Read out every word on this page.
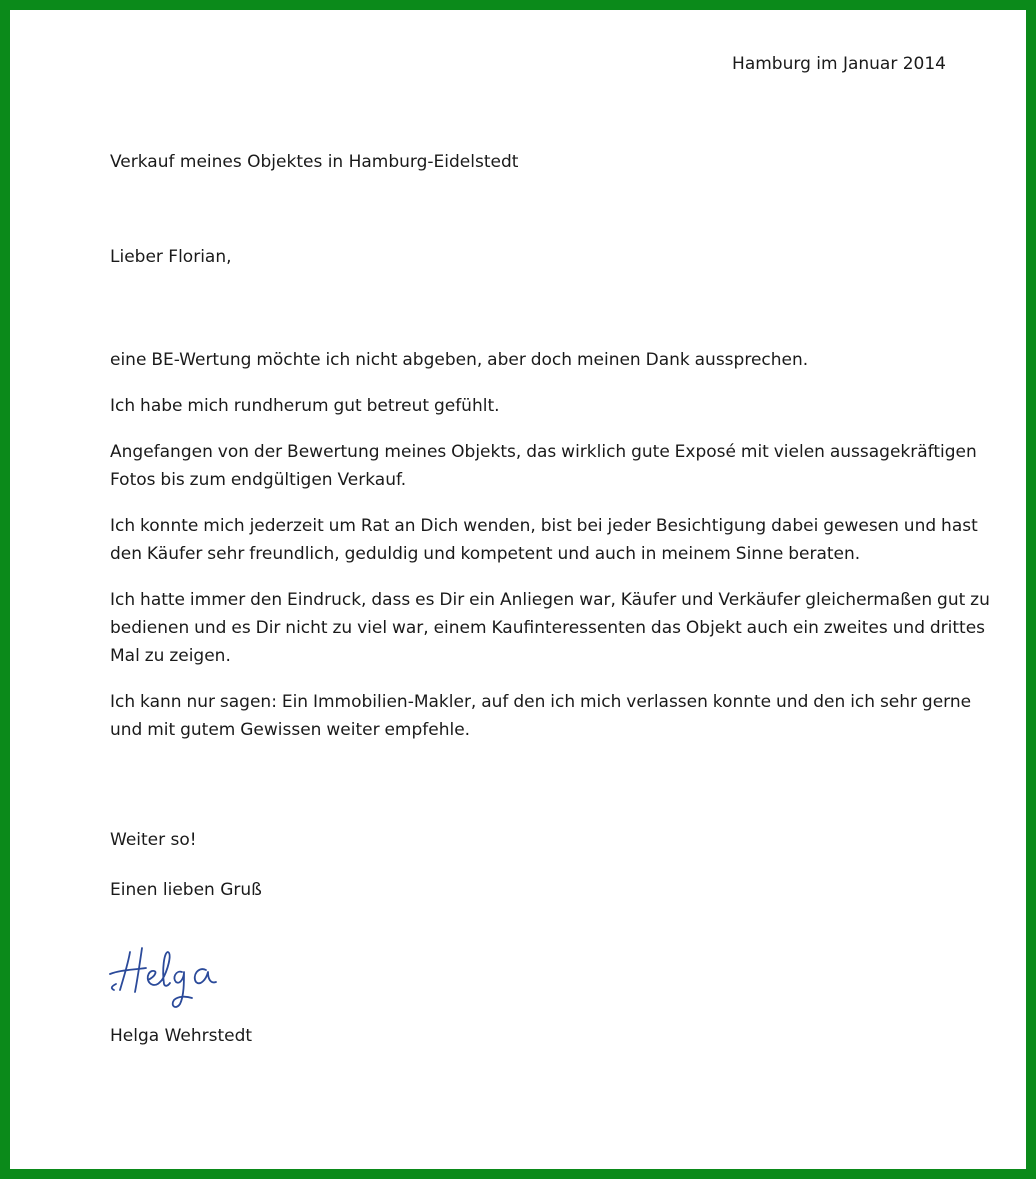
Hamburg im Januar 2014
Verkauf meines Objektes in Hamburg-Eidelstedt
Lieber Florian,

eine BE-Wertung möchte ich nicht abgeben, aber doch meinen Dank aussprechen.

Ich habe mich rundherum gut betreut gefühlt.

Angefangen von der Bewertung meines Objekts, das wirklich gute Exposé mit vielen aussagekräftigen Fotos bis zum endgültigen Verkauf.

Ich konnte mich jederzeit um Rat an Dich wenden, bist bei jeder Besichtigung dabei gewesen und hast den Käufer sehr freundlich, geduldig und kompetent und auch in meinem Sinne beraten.

Ich hatte immer den Eindruck, dass es Dir ein Anliegen war, Käufer und Verkäufer gleichermaßen gut zu bedienen und es Dir nicht zu viel war, einem Kaufinteressenten das Objekt auch ein zweites und drittes Mal zu zeigen.

Ich kann nur sagen: Ein Immobilien-Makler, auf den ich mich verlassen konnte und den ich sehr gerne und mit gutem Gewissen weiter empfehle.

Weiter so!
Einen lieben Gruß
Helga Wehrstedt
